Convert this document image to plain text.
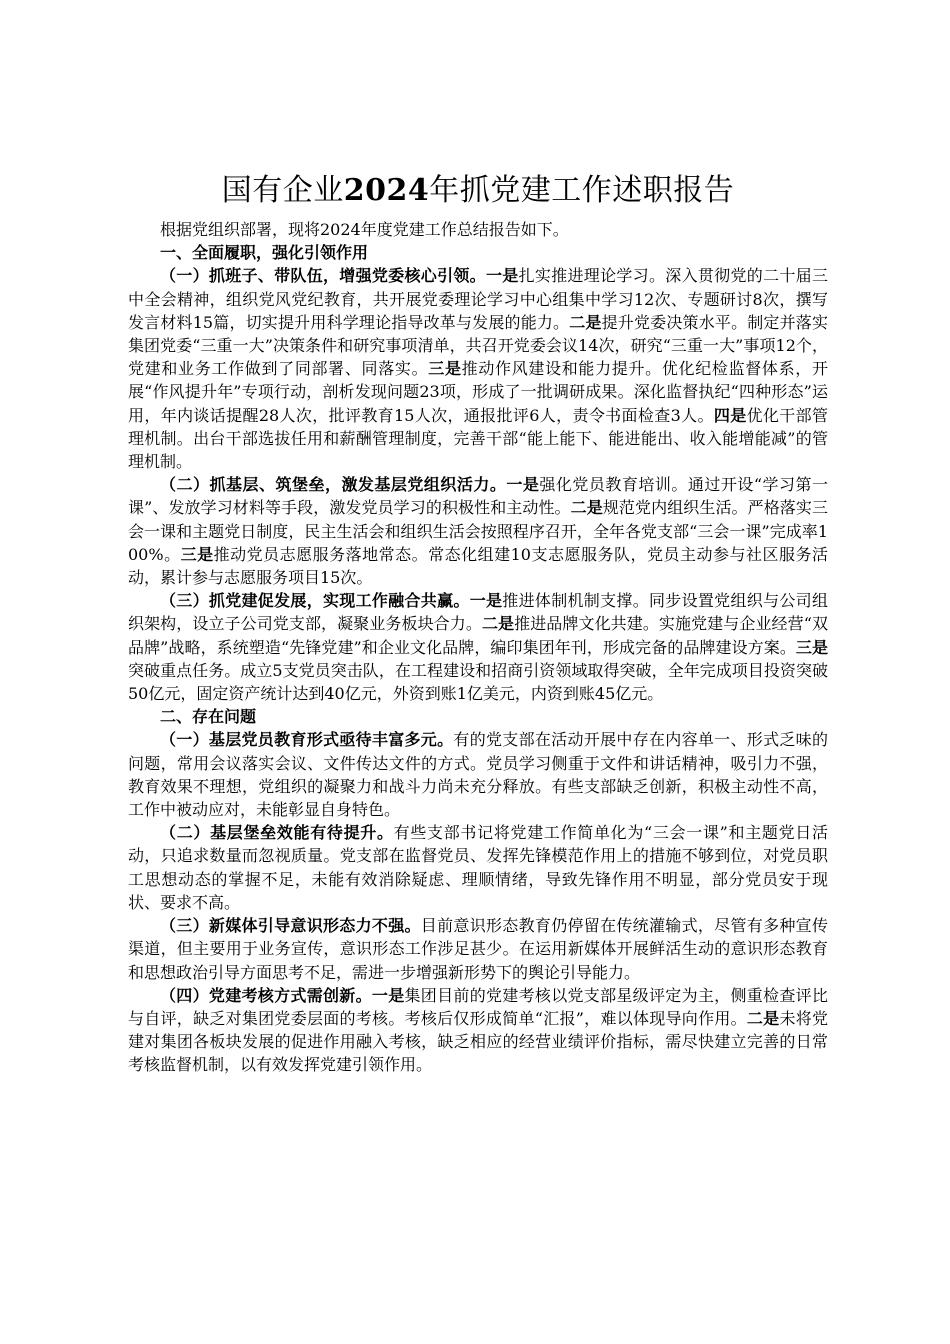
国有企业2024年抓党建工作述职报告

根据党组织部署，现将2024年度党建工作总结报告如下。

一、全面履职，强化引领作用

（一）抓班子、带队伍，增强党委核心引领。一是扎实推进理论学习。深入贯彻党的二十届三中全会精神，组织党风党纪教育，共开展党委理论学习中心组集中学习12次、专题研讨8次，撰写发言材料15篇，切实提升用科学理论指导改革与发展的能力。二是提升党委决策水平。制定并落实集团党委“三重一大”决策条件和研究事项清单，共召开党委会议14次，研究“三重一大”事项12个，党建和业务工作做到了同部署、同落实。三是推动作风建设和能力提升。优化纪检监督体系，开展“作风提升年”专项行动，剖析发现问题23项，形成了一批调研成果。深化监督执纪“四种形态”运用，年内谈话提醒28人次，批评教育15人次，通报批评6人，责令书面检查3人。四是优化干部管理机制。出台干部选拔任用和薪酬管理制度，完善干部“能上能下、能进能出、收入能增能减”的管理机制。

（二）抓基层、筑堡垒，激发基层党组织活力。一是强化党员教育培训。通过开设“学习第一课”、发放学习材料等手段，激发党员学习的积极性和主动性。二是规范党内组织生活。严格落实三会一课和主题党日制度，民主生活会和组织生活会按照程序召开，全年各党支部“三会一课”完成率100%。三是推动党员志愿服务落地常态。常态化组建10支志愿服务队，党员主动参与社区服务活动，累计参与志愿服务项目15次。

（三）抓党建促发展，实现工作融合共赢。一是推进体制机制支撑。同步设置党组织与公司组织架构，设立子公司党支部，凝聚业务板块合力。二是推进品牌文化共建。实施党建与企业经营“双品牌”战略，系统塑造“先锋党建”和企业文化品牌，编印集团年刊，形成完备的品牌建设方案。三是突破重点任务。成立5支党员突击队，在工程建设和招商引资领域取得突破，全年完成项目投资突破50亿元，固定资产统计达到40亿元，外资到账1亿美元，内资到账45亿元。

二、存在问题

（一）基层党员教育形式亟待丰富多元。有的党支部在活动开展中存在内容单一、形式乏味的问题，常用会议落实会议、文件传达文件的方式。党员学习侧重于文件和讲话精神，吸引力不强，教育效果不理想，党组织的凝聚力和战斗力尚未充分释放。有些支部缺乏创新，积极主动性不高，工作中被动应对，未能彰显自身特色。

（二）基层堡垒效能有待提升。有些支部书记将党建工作简单化为“三会一课”和主题党日活动，只追求数量而忽视质量。党支部在监督党员、发挥先锋模范作用上的措施不够到位，对党员职工思想动态的掌握不足，未能有效消除疑虑、理顺情绪，导致先锋作用不明显，部分党员安于现状、要求不高。

（三）新媒体引导意识形态力不强。目前意识形态教育仍停留在传统灌输式，尽管有多种宣传渠道，但主要用于业务宣传，意识形态工作涉足甚少。在运用新媒体开展鲜活生动的意识形态教育和思想政治引导方面思考不足，需进一步增强新形势下的舆论引导能力。

（四）党建考核方式需创新。一是集团目前的党建考核以党支部星级评定为主，侧重检查评比与自评，缺乏对集团党委层面的考核。考核后仅形成简单“汇报”，难以体现导向作用。二是未将党建对集团各板块发展的促进作用融入考核，缺乏相应的经营业绩评价指标，需尽快建立完善的日常考核监督机制，以有效发挥党建引领作用。
